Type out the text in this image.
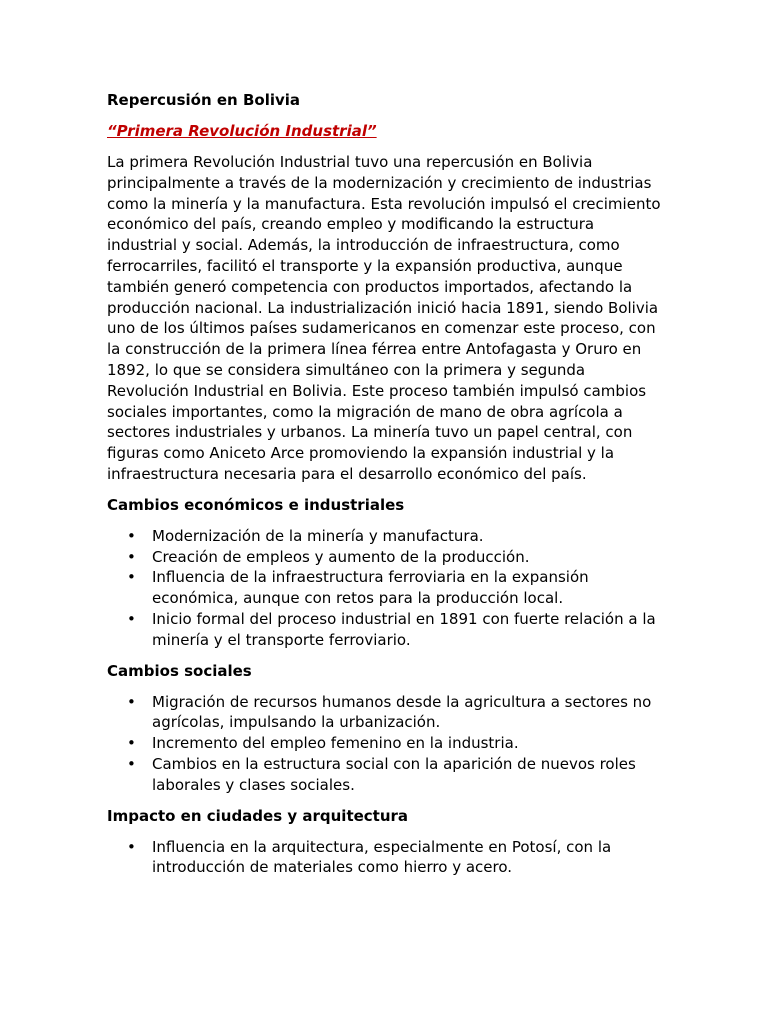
Repercusión en Bolivia

“Primera Revolución Industrial”

La primera Revolución Industrial tuvo una repercusión en Bolivia principalmente a través de la modernización y crecimiento de industrias como la minería y la manufactura. Esta revolución impulsó el crecimiento económico del país, creando empleo y modificando la estructura industrial y social. Además, la introducción de infraestructura, como ferrocarriles, facilitó el transporte y la expansión productiva, aunque también generó competencia con productos importados, afectando la producción nacional. La industrialización inició hacia 1891, siendo Bolivia uno de los últimos países sudamericanos en comenzar este proceso, con la construcción de la primera línea férrea entre Antofagasta y Oruro en 1892, lo que se considera simultáneo con la primera y segunda Revolución Industrial en Bolivia. Este proceso también impulsó cambios sociales importantes, como la migración de mano de obra agrícola a sectores industriales y urbanos. La minería tuvo un papel central, con figuras como Aniceto Arce promoviendo la expansión industrial y la infraestructura necesaria para el desarrollo económico del país.

Cambios económicos e industriales

• Modernización de la minería y manufactura.
• Creación de empleos y aumento de la producción.
• Influencia de la infraestructura ferroviaria en la expansión económica, aunque con retos para la producción local.
• Inicio formal del proceso industrial en 1891 con fuerte relación a la minería y el transporte ferroviario.

Cambios sociales

• Migración de recursos humanos desde la agricultura a sectores no agrícolas, impulsando la urbanización.
• Incremento del empleo femenino en la industria.
• Cambios en la estructura social con la aparición de nuevos roles laborales y clases sociales.

Impacto en ciudades y arquitectura

• Influencia en la arquitectura, especialmente en Potosí, con la introducción de materiales como hierro y acero.
